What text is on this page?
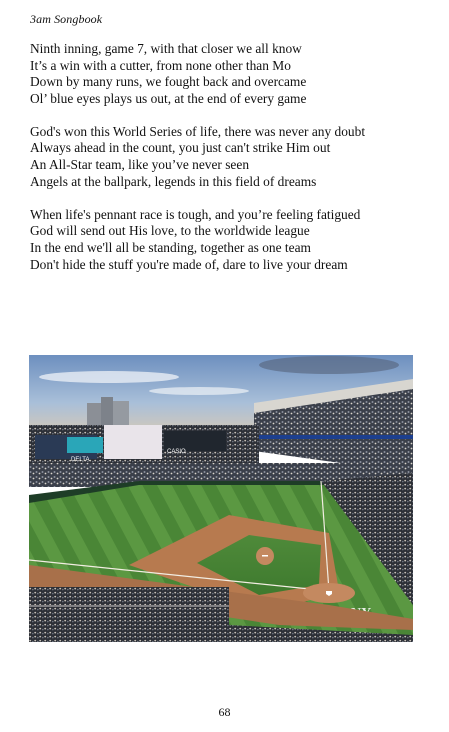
3am Songbook
Ninth inning, game 7, with that closer we all know
It’s a win with a cutter, from none other than Mo
Down by many runs, we fought back and overcame
Ol’ blue eyes plays us out, at the end of every game
God's won this World Series of life, there was never any doubt
Always ahead in the count, you just can't strike Him out
An All-Star team, like you’ve never seen
Angels at the ballpark, legends in this field of dreams
When life's pennant race is tough, and you’re feeling fatigued
God will send out His love, to the worldwide league
In the end we'll all be standing, together as one team
Don't hide the stuff you're made of, dare to live your dream
DELTA
CASIO
68
